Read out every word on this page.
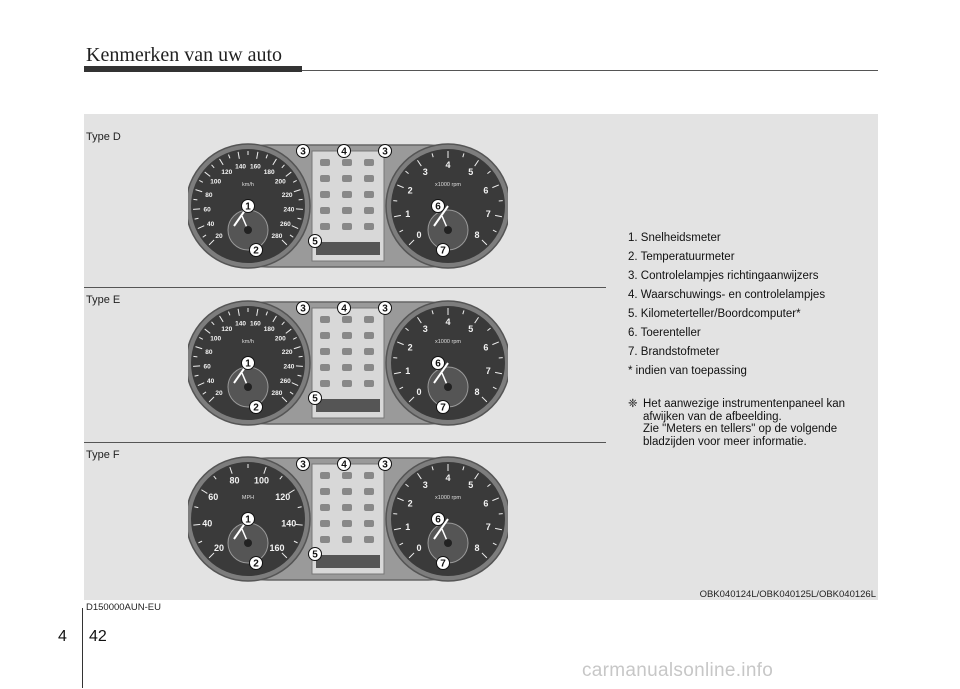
Kenmerken van uw auto
Type D
Type E
Type F
20
40
60
80
100
120
140 160
180
200
220
240
260
280
km/h
0
1
2
3
4
5
6
7
8
x1000 rpm
1
2
3	4	3
5
6
7
20
40
60
80
100
120
140 160
180
200
220
240
260
280
km/h
0
1
2
3
4
5
6
7
8
x1000 rpm
1
2
3	4	3
5
6
7
20
40
60
80 100
120
140
160
MPH
0
1
2
3
4
5
6
7
8
x1000 rpm
1
2
3	4	3
5
6
7
1. Snelheidsmeter
2. Temperatuurmeter
3. Controlelampjes richtingaanwijzers
4. Waarschuwings- en controlelampjes
5. Kilometerteller/Boordcomputer*
6. Toerenteller
7. Brandstofmeter
* indien van toepassing
❈ Het aanwezige instrumentenpaneel kan
afwijken van de afbeelding.
Zie "Meters en tellers" op de volgende
bladzijden voor meer informatie.
D150000AUN-EU
OBK040124L/OBK040125L/OBK040126L
4 42
carmanualsonline.info
